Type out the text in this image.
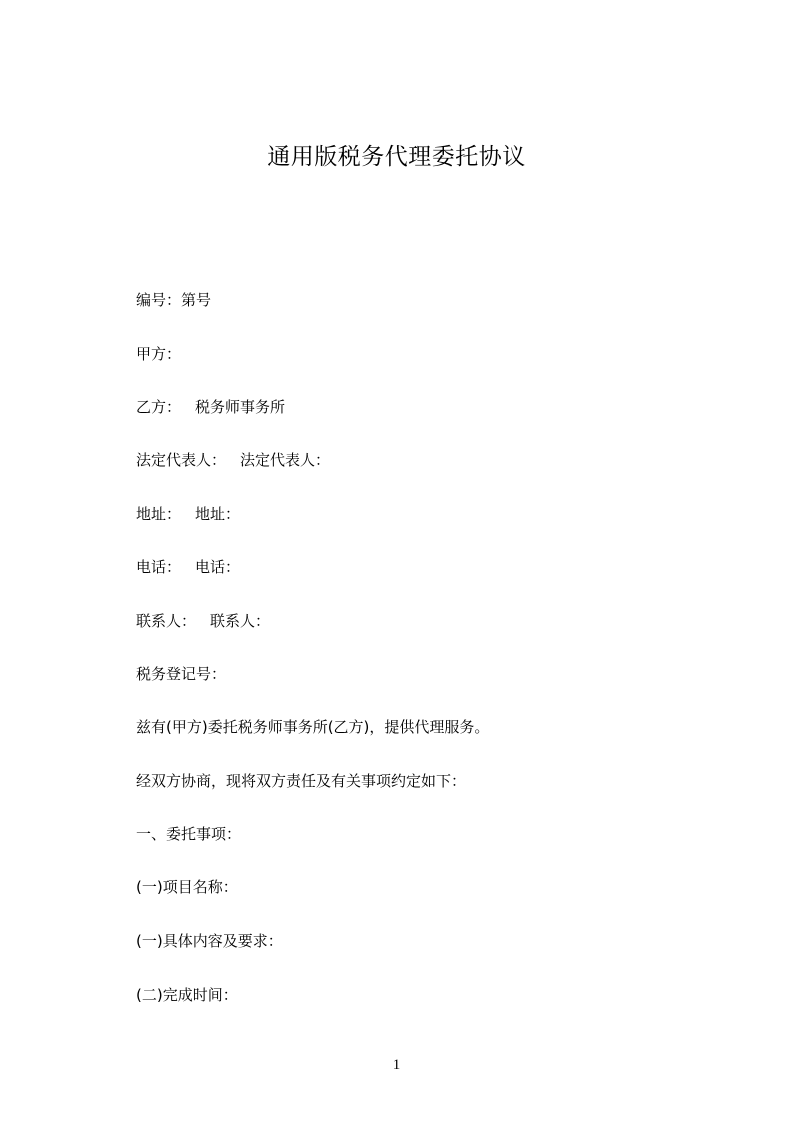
通用版税务代理委托协议
编号：第号
甲方：
乙方： 税务师事务所
法定代表人： 法定代表人：
地址： 地址：
电话： 电话：
联系人： 联系人：
税务登记号：
兹有(甲方)委托税务师事务所(乙方)，提供代理服务。
经双方协商，现将双方责任及有关事项约定如下：
一、委托事项：
(一)项目名称：
(一)具体内容及要求：
(二)完成时间：
1
